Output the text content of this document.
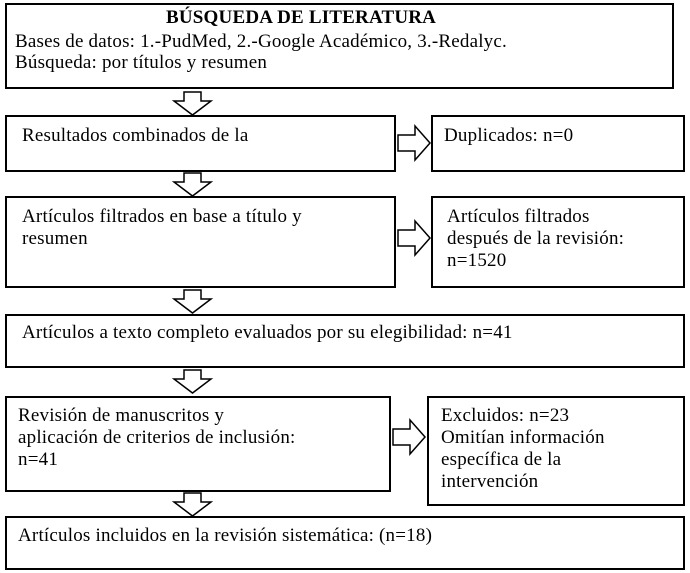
BÚSQUEDA DE LITERATURA
Bases de datos: 1.-PudMed, 2.-Google Académico, 3.-Redalyc.
Búsqueda: por títulos y resumen
Resultados combinados de la	Duplicados: n=0
Artículos filtrados en base a título y
resumen
Artículos filtrados
después de la revisión:
n=1520
Artículos a texto completo evaluados por su elegibilidad: n=41
Revisión de manuscritos y
aplicación de criterios de inclusión:
n=41
Excluidos: n=23
Omitían información
específica de la
intervención
Artículos incluidos en la revisión sistemática: (n=18)
